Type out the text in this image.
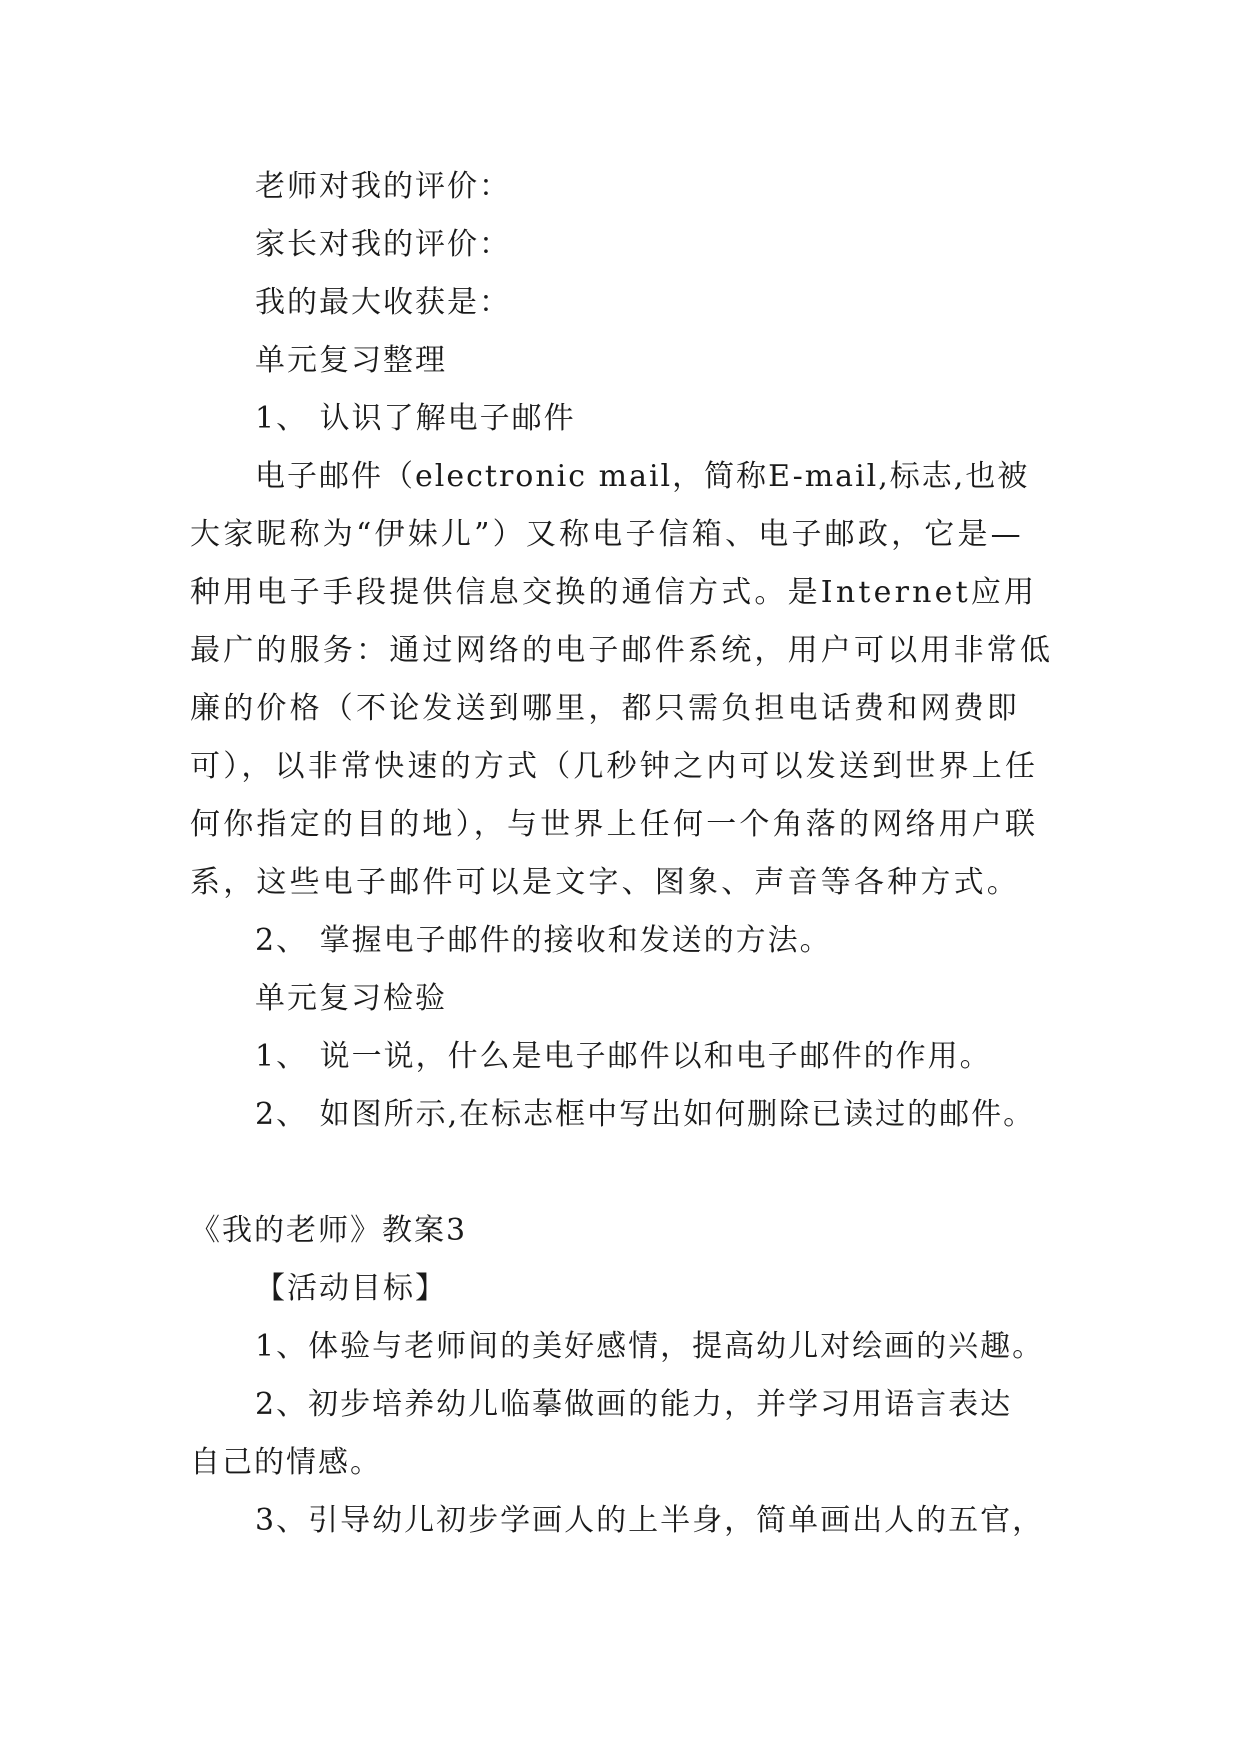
老师对我的评价：
家长对我的评价：
我的最大收获是：
单元复习整理
1、 认识了解电子邮件
电子邮件（electronic mail，简称E-mail,标志,也被
大家昵称为“伊妹儿”）又称电子信箱、电子邮政，它是—
种用电子手段提供信息交换的通信方式。是Internet应用
最广的服务：通过网络的电子邮件系统，用户可以用非常低
廉的价格（不论发送到哪里，都只需负担电话费和网费即
可），以非常快速的方式（几秒钟之内可以发送到世界上任
何你指定的目的地），与世界上任何一个角落的网络用户联
系，这些电子邮件可以是文字、图象、声音等各种方式。
2、 掌握电子邮件的接收和发送的方法。
单元复习检验
1、 说一说，什么是电子邮件以和电子邮件的作用。
2、 如图所示,在标志框中写出如何删除已读过的邮件。
《我的老师》教案3
【活动目标】
1、体验与老师间的美好感情，提高幼儿对绘画的兴趣。
2、初步培养幼儿临摹做画的能力，并学习用语言表达
自己的情感。
3、引导幼儿初步学画人的上半身，简单画出人的五官，
